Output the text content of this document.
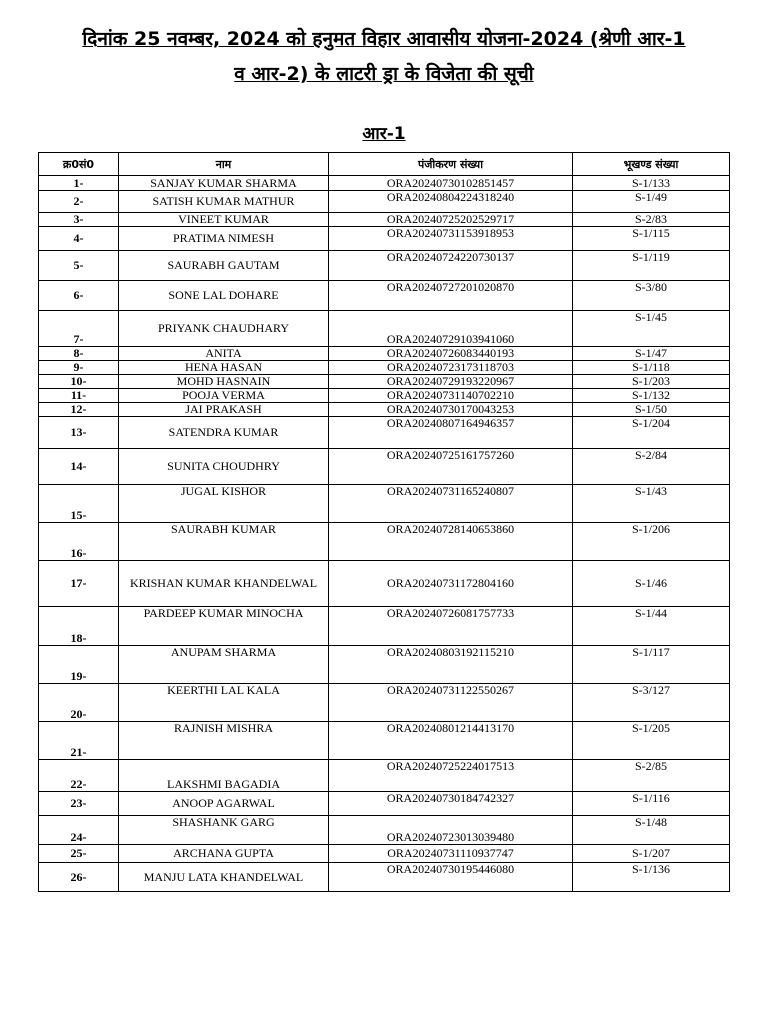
दिनांक 25 नवम्बर, 2024 को हनुमत विहार आवासीय योजना-2024 (श्रेणी आर-1
व आर-2) के लाटरी ड्रा के विजेता की सूची
आर-1
क्र0सं0	नाम	पंजीकरण संख्या	भूखण्ड संख्या
1-	SANJAY KUMAR SHARMA	ORA20240730102851457	S-1/133
2-	SATISH KUMAR MATHUR	ORA20240804224318240	S-1/49
3-	VINEET KUMAR	ORA20240725202529717	S-2/83
4-	PRATIMA NIMESH	ORA20240731153918953	S-1/115
5-	SAURABH GAUTAM	ORA20240724220730137	S-1/119
6-	SONE LAL DOHARE	ORA20240727201020870	S-3/80
7-	PRIYANK CHAUDHARY	ORA20240729103941060	S-1/45
8-	ANITA	ORA20240726083440193	S-1/47
9-	HENA HASAN	ORA20240723173118703	S-1/118
10-	MOHD HASNAIN	ORA20240729193220967	S-1/203
11-	POOJA VERMA	ORA20240731140702210	S-1/132
12-	JAI PRAKASH	ORA20240730170043253	S-1/50
13-	SATENDRA KUMAR	ORA20240807164946357	S-1/204
14-	SUNITA CHOUDHRY	ORA20240725161757260	S-2/84
15-	JUGAL KISHOR	ORA20240731165240807	S-1/43
16-	SAURABH KUMAR	ORA20240728140653860	S-1/206
17-	KRISHAN KUMAR KHANDELWAL	ORA20240731172804160	S-1/46
18-	PARDEEP KUMAR MINOCHA	ORA20240726081757733	S-1/44
19-	ANUPAM SHARMA	ORA20240803192115210	S-1/117
20-	KEERTHI LAL KALA	ORA20240731122550267	S-3/127
21-	RAJNISH MISHRA	ORA20240801214413170	S-1/205
22-	LAKSHMI BAGADIA	ORA20240725224017513	S-2/85
23-	ANOOP AGARWAL	ORA20240730184742327	S-1/116
24-	SHASHANK GARG	ORA20240723013039480	S-1/48
25-	ARCHANA GUPTA	ORA20240731110937747	S-1/207
26-	MANJU LATA KHANDELWAL	ORA20240730195446080	S-1/136
